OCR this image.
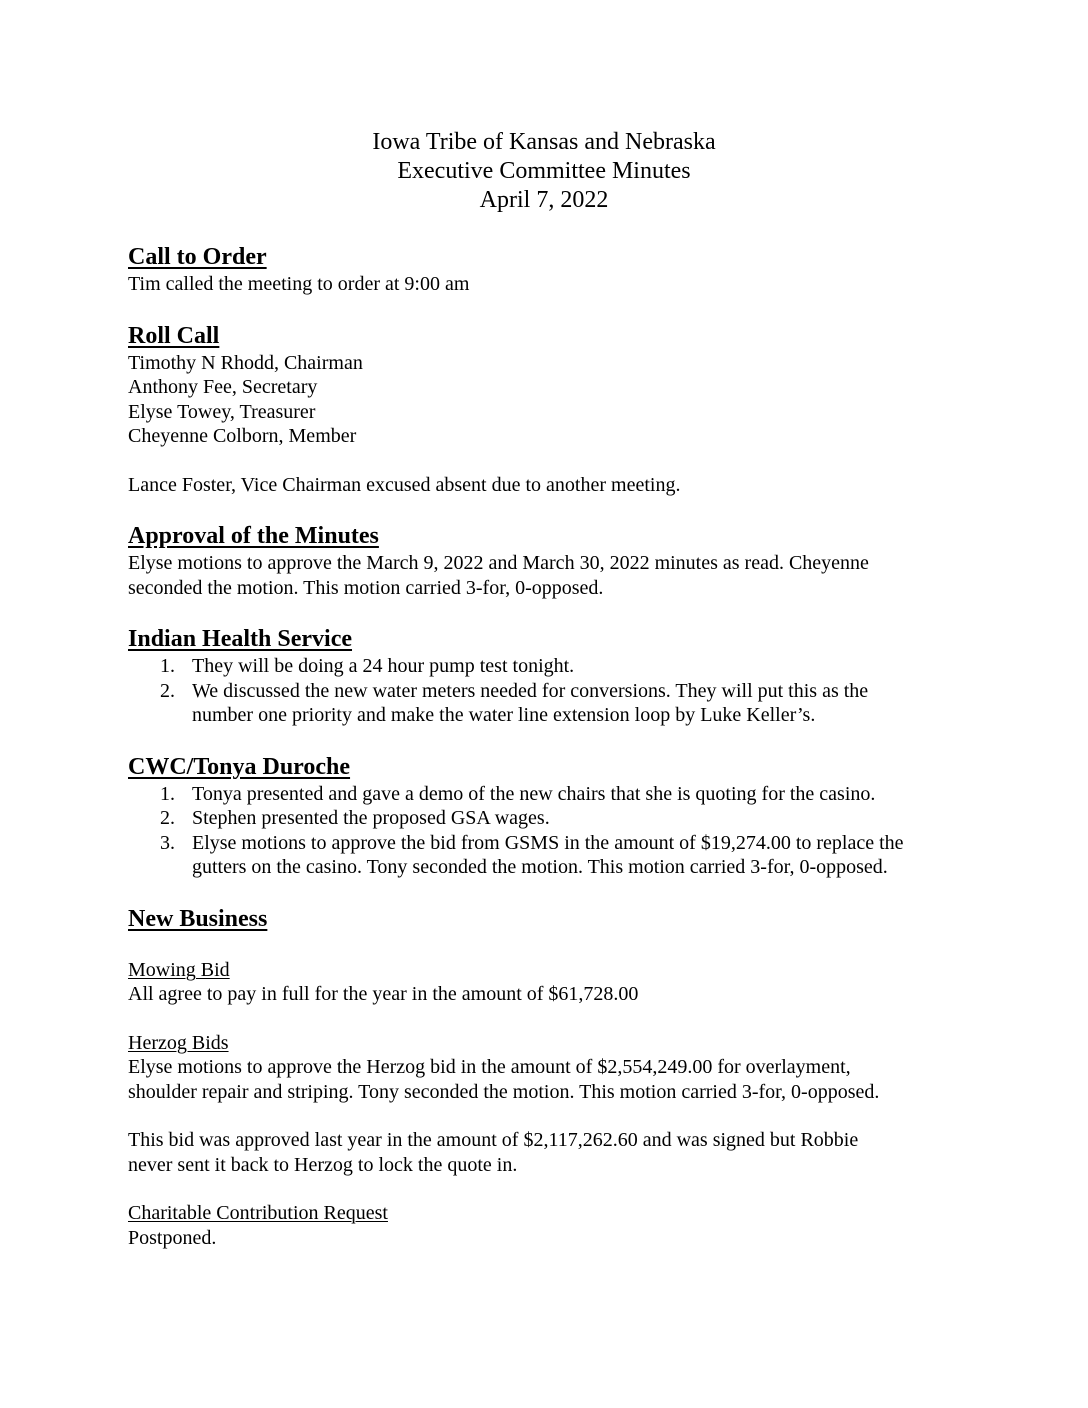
Iowa Tribe of Kansas and Nebraska
Executive Committee Minutes
April 7, 2022
Call to Order
Tim called the meeting to order at 9:00 am
Roll Call
Timothy N Rhodd, Chairman
Anthony Fee, Secretary
Elyse Towey, Treasurer
Cheyenne Colborn, Member
Lance Foster, Vice Chairman excused absent due to another meeting.
Approval of the Minutes
Elyse motions to approve the March 9, 2022 and March 30, 2022 minutes as read. Cheyenne
seconded the motion. This motion carried 3-for, 0-opposed.
Indian Health Service
1. They will be doing a 24 hour pump test tonight.
2. We discussed the new water meters needed for conversions. They will put this as the
number one priority and make the water line extension loop by Luke Keller’s.
CWC/Tonya Duroche
1. Tonya presented and gave a demo of the new chairs that she is quoting for the casino.
2. Stephen presented the proposed GSA wages.
3. Elyse motions to approve the bid from GSMS in the amount of $19,274.00 to replace the
gutters on the casino. Tony seconded the motion. This motion carried 3-for, 0-opposed.
New Business
Mowing Bid
All agree to pay in full for the year in the amount of $61,728.00
Herzog Bids
Elyse motions to approve the Herzog bid in the amount of $2,554,249.00 for overlayment,
shoulder repair and striping. Tony seconded the motion. This motion carried 3-for, 0-opposed.
This bid was approved last year in the amount of $2,117,262.60 and was signed but Robbie
never sent it back to Herzog to lock the quote in.
Charitable Contribution Request
Postponed.
